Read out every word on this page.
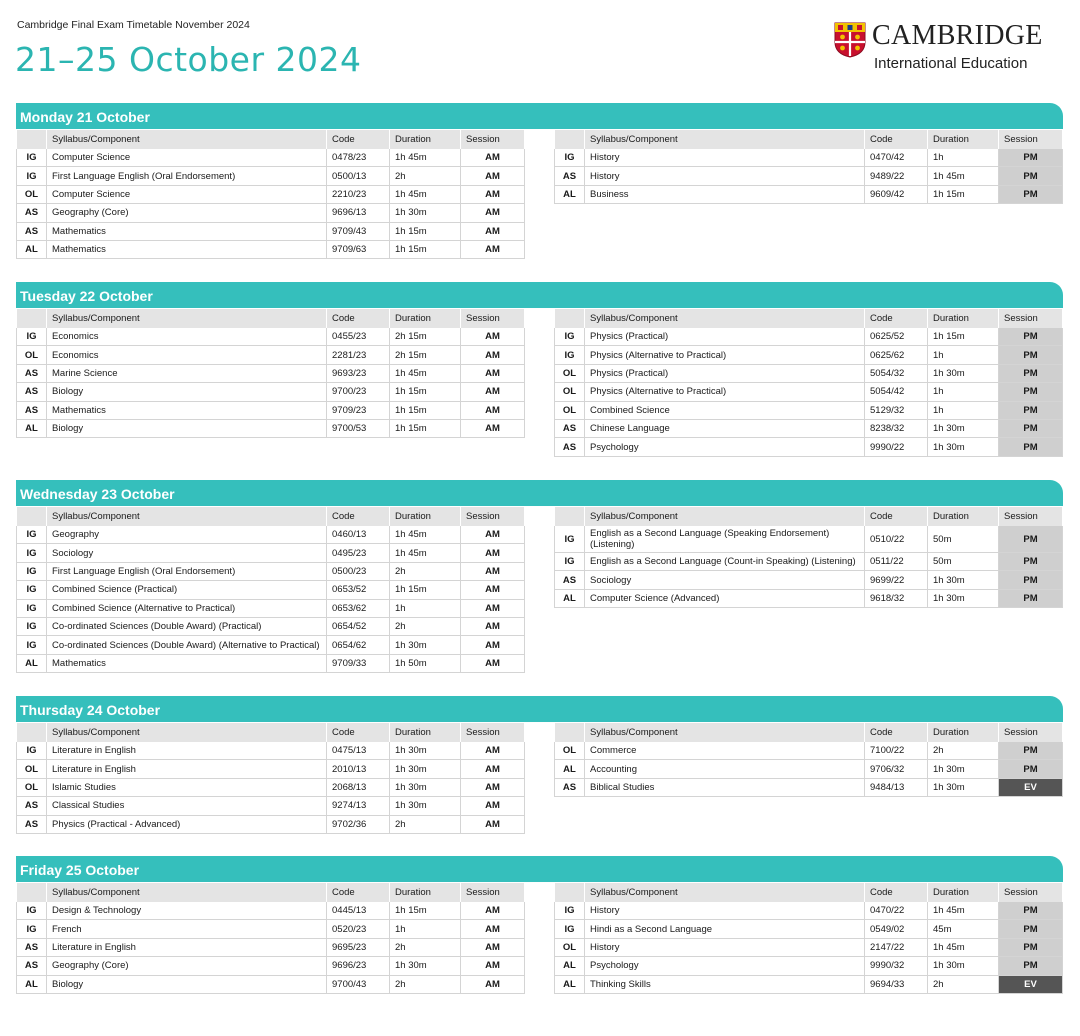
Cambridge Final Exam Timetable November 2024
21–25 October 2024
CAMBRIDGE
International Education
Monday 21 October
	Syllabus/Component	Code	Duration	Session
IG	Computer Science	0478/23	1h 45m	AM
IG	First Language English (Oral Endorsement)	0500/13	2h	AM
OL	Computer Science	2210/23	1h 45m	AM
AS	Geography (Core)	9696/13	1h 30m	AM
AS	Mathematics	9709/43	1h 15m	AM
AL	Mathematics	9709/63	1h 15m	AM
	Syllabus/Component	Code	Duration	Session
IG	History	0470/42	1h	PM
AS	History	9489/22	1h 45m	PM
AL	Business	9609/42	1h 15m	PM
Tuesday 22 October
	Syllabus/Component	Code	Duration	Session
IG	Economics	0455/23	2h 15m	AM
OL	Economics	2281/23	2h 15m	AM
AS	Marine Science	9693/23	1h 45m	AM
AS	Biology	9700/23	1h 15m	AM
AS	Mathematics	9709/23	1h 15m	AM
AL	Biology	9700/53	1h 15m	AM
	Syllabus/Component	Code	Duration	Session
IG	Physics (Practical)	0625/52	1h 15m	PM
IG	Physics (Alternative to Practical)	0625/62	1h	PM
OL	Physics (Practical)	5054/32	1h 30m	PM
OL	Physics (Alternative to Practical)	5054/42	1h	PM
OL	Combined Science	5129/32	1h	PM
AS	Chinese Language	8238/32	1h 30m	PM
AS	Psychology	9990/22	1h 30m	PM
Wednesday 23 October
	Syllabus/Component	Code	Duration	Session
IG	Geography	0460/13	1h 45m	AM
IG	Sociology	0495/23	1h 45m	AM
IG	First Language English (Oral Endorsement)	0500/23	2h	AM
IG	Combined Science (Practical)	0653/52	1h 15m	AM
IG	Combined Science (Alternative to Practical)	0653/62	1h	AM
IG	Co-ordinated Sciences (Double Award) (Practical)	0654/52	2h	AM
IG	Co-ordinated Sciences (Double Award) (Alternative to Practical)	0654/62	1h 30m	AM
AL	Mathematics	9709/33	1h 50m	AM
	Syllabus/Component	Code	Duration	Session
IG	English as a Second Language (Speaking Endorsement) (Listening)	0510/22	50m	PM
IG	English as a Second Language (Count-in Speaking) (Listening)	0511/22	50m	PM
AS	Sociology	9699/22	1h 30m	PM
AL	Computer Science (Advanced)	9618/32	1h 30m	PM
Thursday 24 October
	Syllabus/Component	Code	Duration	Session
IG	Literature in English	0475/13	1h 30m	AM
OL	Literature in English	2010/13	1h 30m	AM
OL	Islamic Studies	2068/13	1h 30m	AM
AS	Classical Studies	9274/13	1h 30m	AM
AS	Physics (Practical - Advanced)	9702/36	2h	AM
	Syllabus/Component	Code	Duration	Session
OL	Commerce	7100/22	2h	PM
AL	Accounting	9706/32	1h 30m	PM
AS	Biblical Studies	9484/13	1h 30m	EV
Friday 25 October
	Syllabus/Component	Code	Duration	Session
IG	Design & Technology	0445/13	1h 15m	AM
IG	French	0520/23	1h	AM
AS	Literature in English	9695/23	2h	AM
AS	Geography (Core)	9696/23	1h 30m	AM
AL	Biology	9700/43	2h	AM
	Syllabus/Component	Code	Duration	Session
IG	History	0470/22	1h 45m	PM
IG	Hindi as a Second Language	0549/02	45m	PM
OL	History	2147/22	1h 45m	PM
AL	Psychology	9990/32	1h 30m	PM
AL	Thinking Skills	9694/33	2h	EV
